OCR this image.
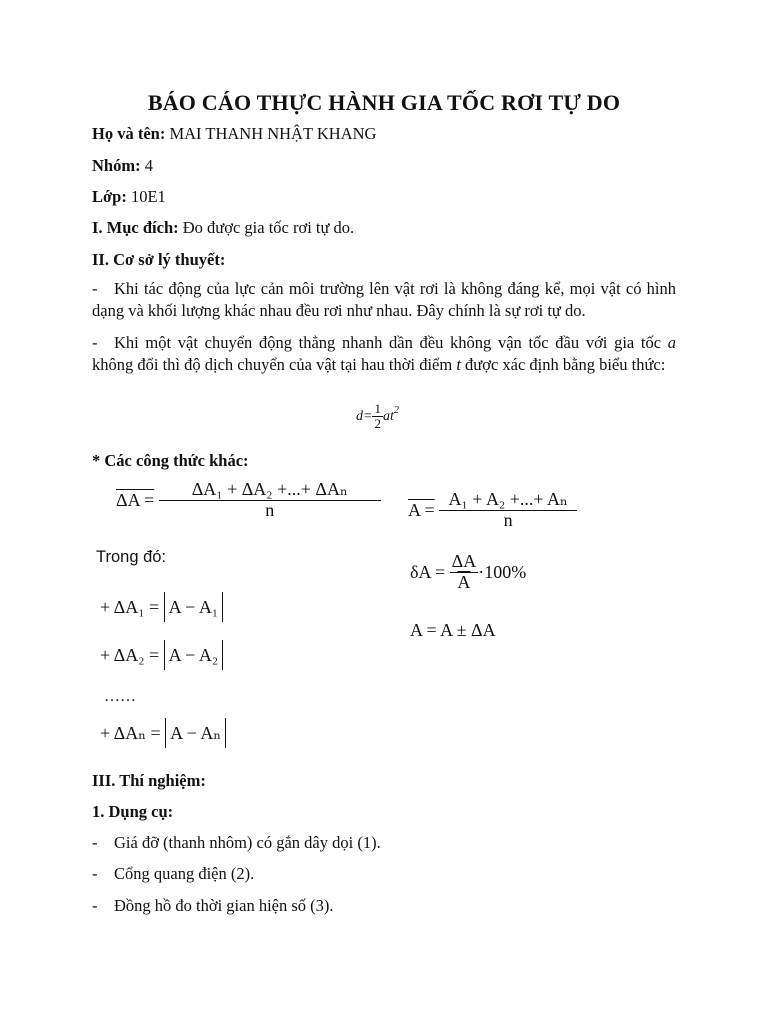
BÁO CÁO THỰC HÀNH GIA TỐC RƠI TỰ DO
Họ và tên: MAI THANH NHẬT KHANG
Nhóm: 4
Lớp: 10E1
I. Mục đích: Đo được gia tốc rơi tự do.
II. Cơ sở lý thuyết:
- Khi tác động của lực cản môi trường lên vật rơi là không đáng kể, mọi vật có hình dạng và khối lượng khác nhau đều rơi như nhau. Đây chính là sự rơi tự do.
- Khi một vật chuyển động thẳng nhanh dần đều không vận tốc đầu với gia tốc a không đổi thì độ dịch chuyển của vật tại hau thời điểm t được xác định bằng biểu thức:
$d= \frac{1}{2} at^2$
* Các công thức khác:
ΔA =
$\frac{\text{ΔA₁ + ΔA₂ +...+ ΔAₙ}}{n}$ A =
$\frac{\text{A₁ + A₂ +...+ Aₙ}}{n}$
Trong đó:
δA =
$\frac{\Delta A}{A} \cdot 100\%$
+ ΔA₁ = A − A₁
A = A ± ΔA
+ ΔA₂ = A − A₂
……
+ ΔAₙ = A − Aₙ
III. Thí nghiệm:
1. Dụng cụ:
- Giá đỡ (thanh nhôm) có gắn dây dọi (1).
- Cổng quang điện (2).
- Đồng hồ đo thời gian hiện số (3).
